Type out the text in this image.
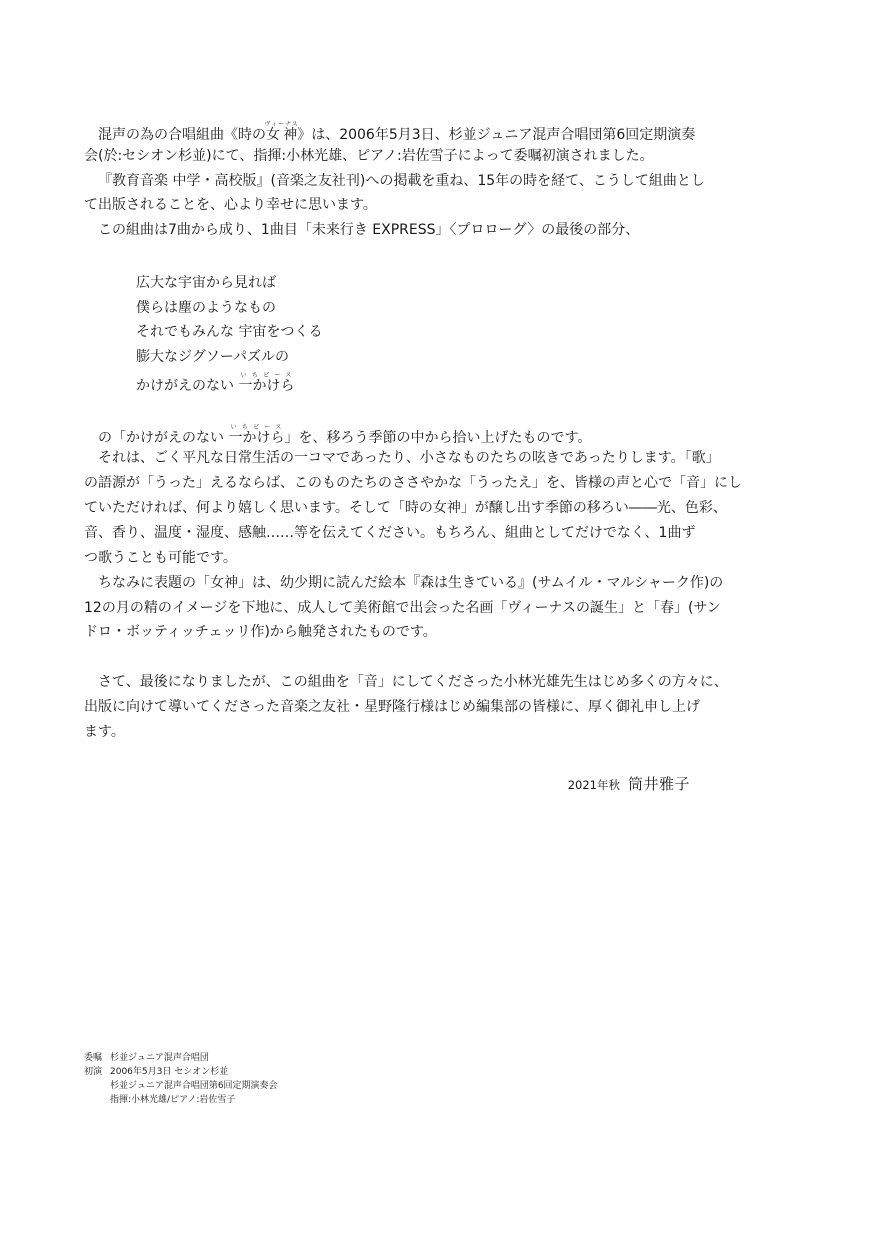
混声の為の合唱組曲《時の女神ヴィーナス》は、2006年5月3日、杉並ジュニア混声合唱団第6回定期演奏
会(於:セシオン杉並)にて、指揮:小林光雄、ピアノ:岩佐雪子によって委嘱初演されました。
『教育音楽 中学・高校版』(音楽之友社刊)への掲載を重ね、15年の時を経て、こうして組曲とし
て出版されることを、心より幸せに思います。
この組曲は7曲から成り、1曲目「未来行き EXPRESS」〈プロローグ〉の最後の部分、
広大な宇宙から見れば
僕らは塵のようなもの
それでもみんな 宇宙をつくる
膨大なジグソーパズルの
かけがえのない 一かけらいちピース
の「かけがえのない 一かけらいちピース」を、移ろう季節の中から拾い上げたものです。
それは、ごく平凡な日常生活の一コマであったり、小さなものたちの呟きであったりします。「歌」
の語源が「うった」えるならば、このものたちのささやかな「うったえ」を、皆様の声と心で「音」にし
ていただければ、何より嬉しく思います。そして「時の女神」が醸し出す季節の移ろい――光、色彩、
音、香り、温度・湿度、感触……等を伝えてください。もちろん、組曲としてだけでなく、1曲ず
つ歌うことも可能です。
ちなみに表題の「女神」は、幼少期に読んだ絵本『森は生きている』(サムイル・マルシャーク作)の
12の月の精のイメージを下地に、成人して美術館で出会った名画「ヴィーナスの誕生」と「春」(サン
ドロ・ボッティッチェッリ作)から触発されたものです。
さて、最後になりましたが、この組曲を「音」にしてくださった小林光雄先生はじめ多くの方々に、
出版に向けて導いてくださった音楽之友社・星野隆行様はじめ編集部の皆様に、厚く御礼申し上げ
ます。
2021年秋 筒井雅子
委嘱 杉並ジュニア混声合唱団
初演 2006年5月3日 セシオン杉並
杉並ジュニア混声合唱団第6回定期演奏会
指揮:小林光雄/ピアノ:岩佐雪子
